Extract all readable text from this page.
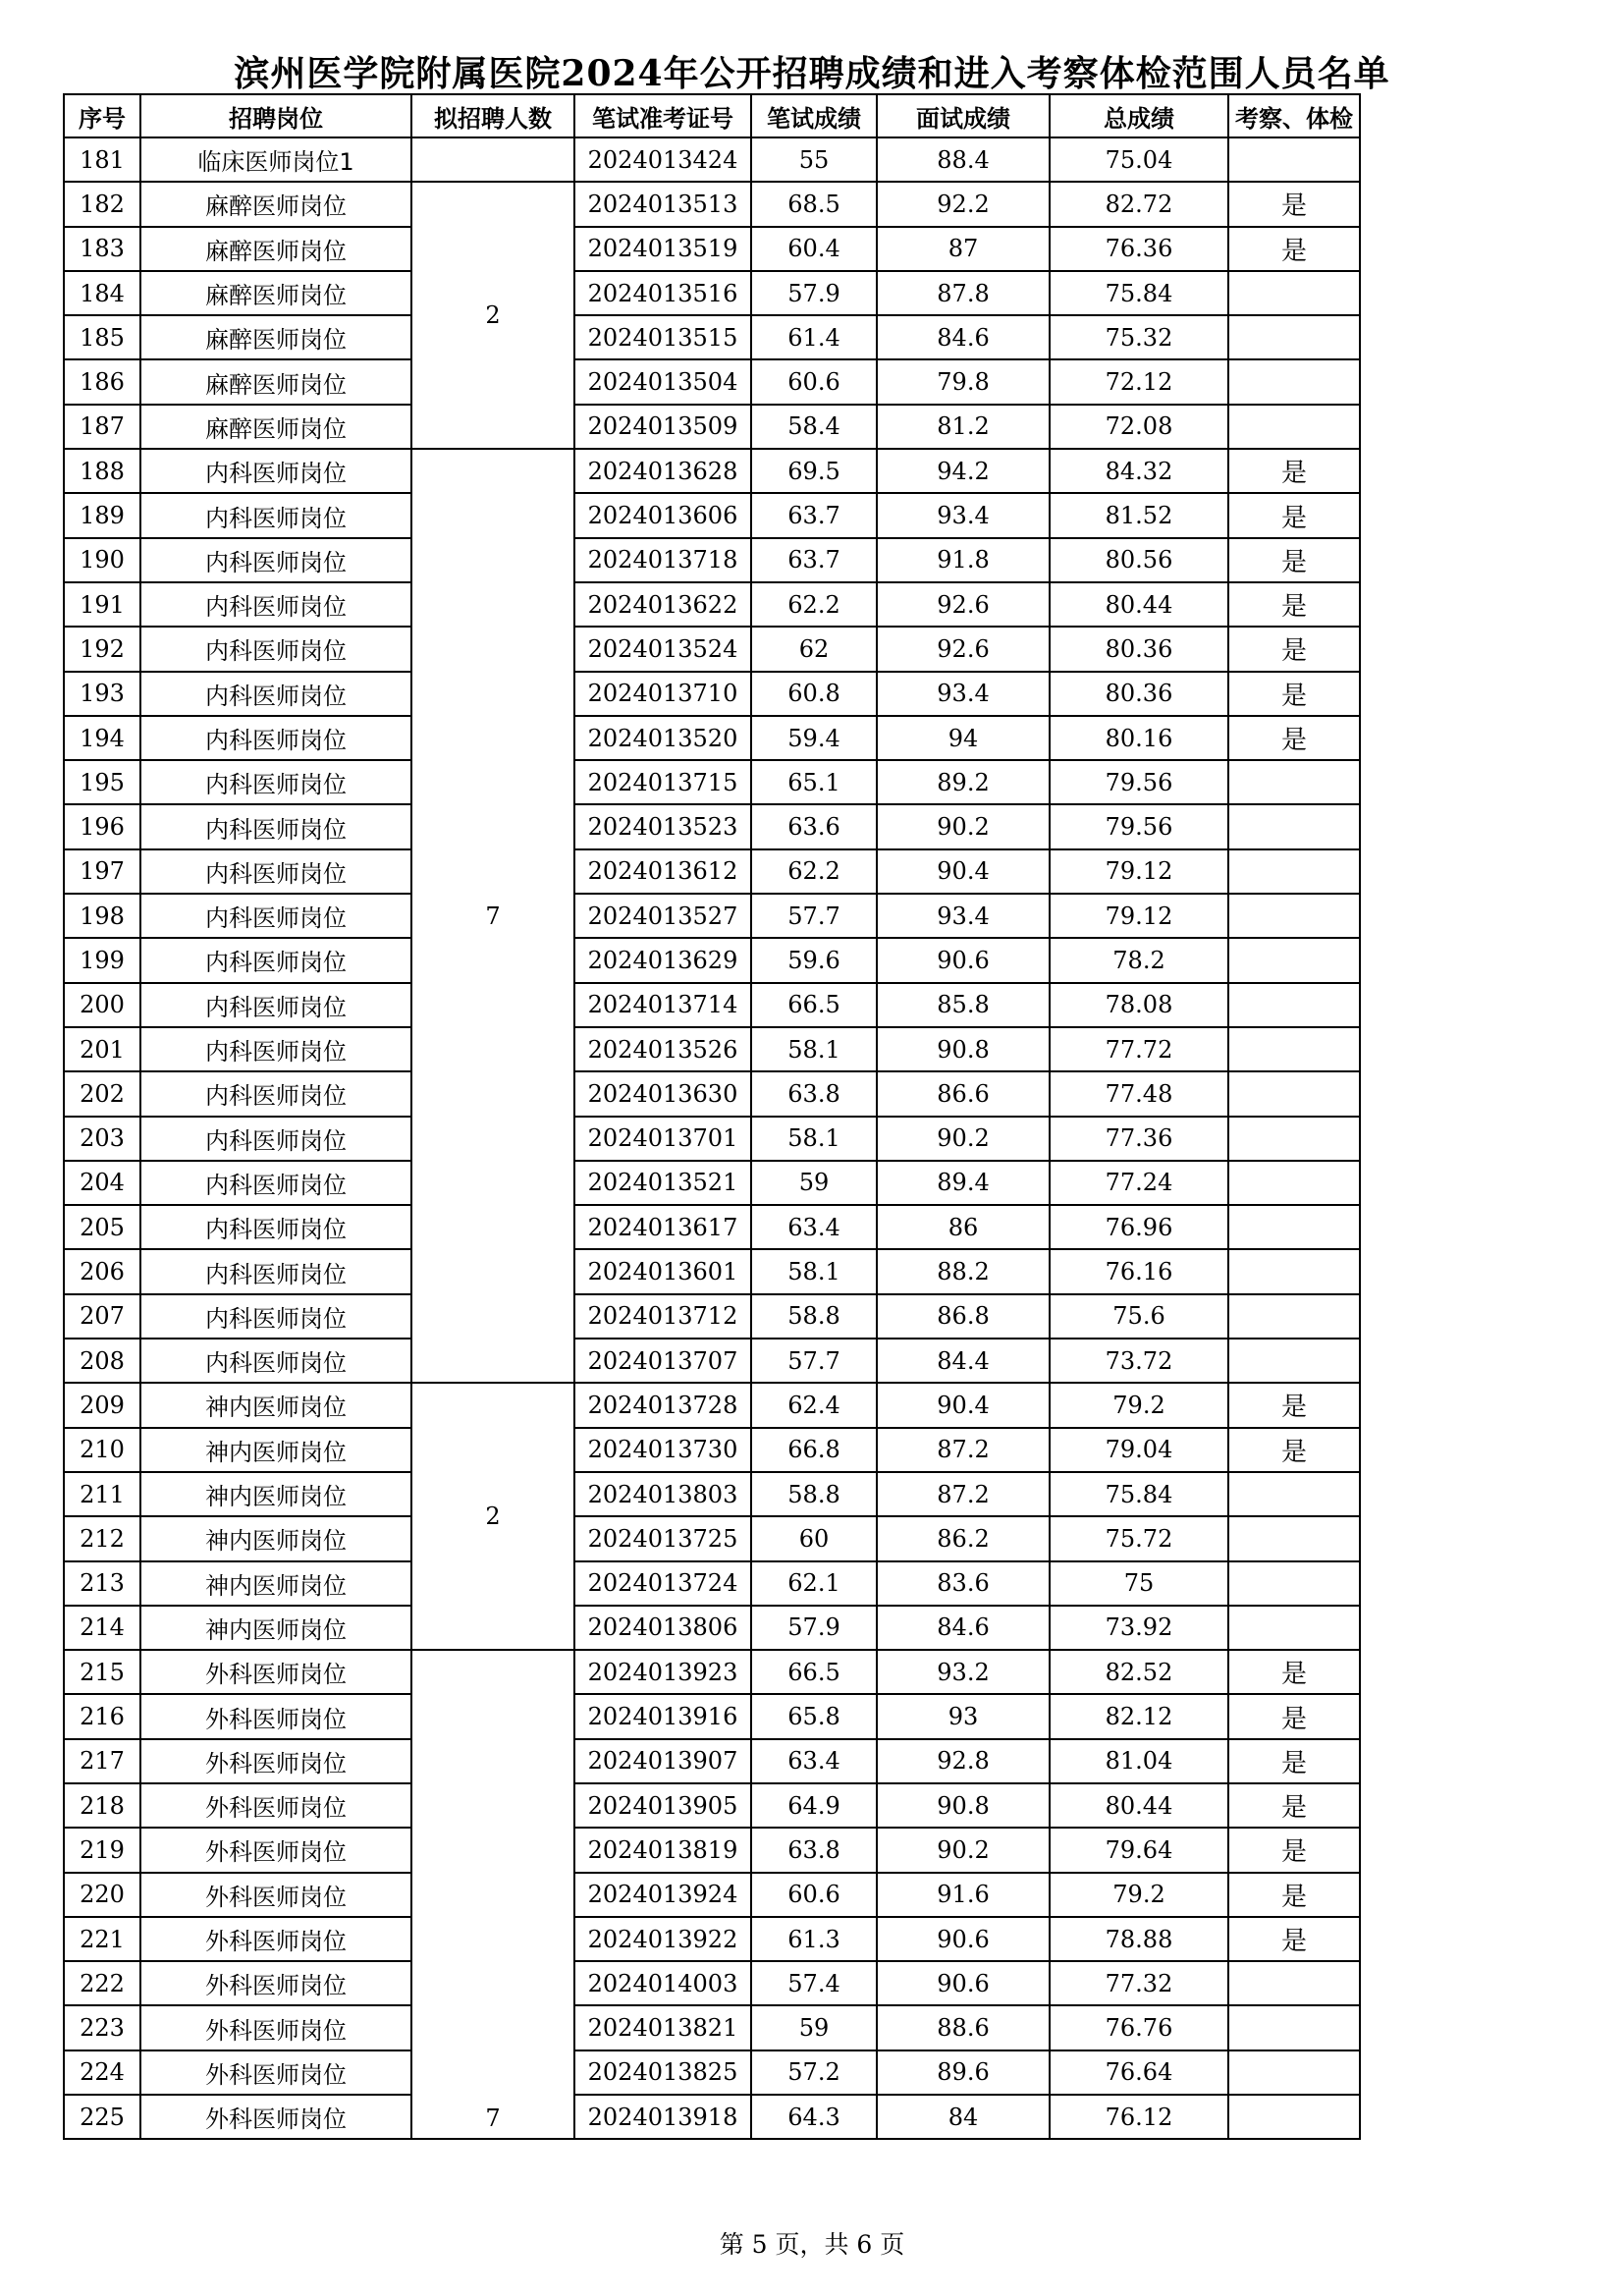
滨州医学院附属医院2024年公开招聘成绩和进入考察体检范围人员名单
序号	招聘岗位	拟招聘人数	笔试准考证号	笔试成绩	面试成绩	总成绩	考察、体检
181	临床医师岗位1		2024013424	55	88.4	75.04	
182	麻醉医师岗位	2	2024013513	68.5	92.2	82.72	是
183	麻醉医师岗位		2024013519	60.4	87	76.36	是
184	麻醉医师岗位		2024013516	57.9	87.8	75.84	
185	麻醉医师岗位		2024013515	61.4	84.6	75.32	
186	麻醉医师岗位		2024013504	60.6	79.8	72.12	
187	麻醉医师岗位		2024013509	58.4	81.2	72.08	
188	内科医师岗位	7	2024013628	69.5	94.2	84.32	是
189	内科医师岗位		2024013606	63.7	93.4	81.52	是
190	内科医师岗位		2024013718	63.7	91.8	80.56	是
191	内科医师岗位		2024013622	62.2	92.6	80.44	是
192	内科医师岗位		2024013524	62	92.6	80.36	是
193	内科医师岗位		2024013710	60.8	93.4	80.36	是
194	内科医师岗位		2024013520	59.4	94	80.16	是
195	内科医师岗位		2024013715	65.1	89.2	79.56	
196	内科医师岗位		2024013523	63.6	90.2	79.56	
197	内科医师岗位		2024013612	62.2	90.4	79.12	
198	内科医师岗位		2024013527	57.7	93.4	79.12	
199	内科医师岗位		2024013629	59.6	90.6	78.2	
200	内科医师岗位		2024013714	66.5	85.8	78.08	
201	内科医师岗位		2024013526	58.1	90.8	77.72	
202	内科医师岗位		2024013630	63.8	86.6	77.48	
203	内科医师岗位		2024013701	58.1	90.2	77.36	
204	内科医师岗位		2024013521	59	89.4	77.24	
205	内科医师岗位		2024013617	63.4	86	76.96	
206	内科医师岗位		2024013601	58.1	88.2	76.16	
207	内科医师岗位		2024013712	58.8	86.8	75.6	
208	内科医师岗位		2024013707	57.7	84.4	73.72	
209	神内医师岗位	2	2024013728	62.4	90.4	79.2	是
210	神内医师岗位		2024013730	66.8	87.2	79.04	是
211	神内医师岗位		2024013803	58.8	87.2	75.84	
212	神内医师岗位		2024013725	60	86.2	75.72	
213	神内医师岗位		2024013724	62.1	83.6	75	
214	神内医师岗位		2024013806	57.9	84.6	73.92	
215	外科医师岗位	7	2024013923	66.5	93.2	82.52	是
216	外科医师岗位		2024013916	65.8	93	82.12	是
217	外科医师岗位		2024013907	63.4	92.8	81.04	是
218	外科医师岗位		2024013905	64.9	90.8	80.44	是
219	外科医师岗位		2024013819	63.8	90.2	79.64	是
220	外科医师岗位		2024013924	60.6	91.6	79.2	是
221	外科医师岗位		2024013922	61.3	90.6	78.88	是
222	外科医师岗位		2024014003	57.4	90.6	77.32	
223	外科医师岗位		2024013821	59	88.6	76.76	
224	外科医师岗位		2024013825	57.2	89.6	76.64	
225	外科医师岗位		2024013918	64.3	84	76.12	
第 5 页，共 6 页
